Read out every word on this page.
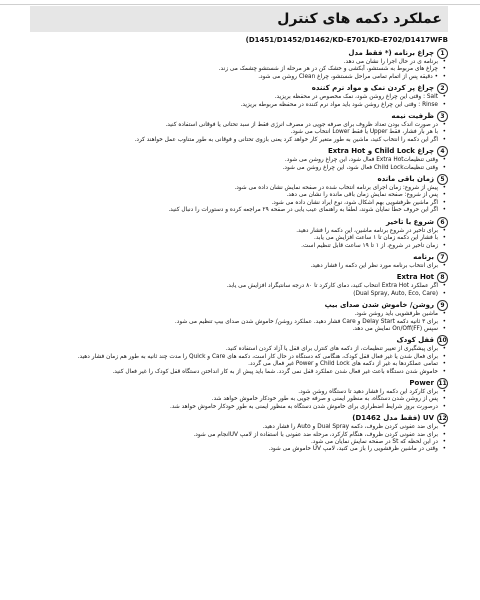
عملکرد دکمه های کنترل
(D1451/D1452/D1462/KD-E701/KD-E702/D1417WFB
1
چراغ برنامه (* فقط مدل
• برنامه ی در حال اجرا را نشان می دهد.
• چراغ های مربوط به شستشو، آبکشی و خشک کن در هر مرحله از شستشو چشمک می زند.
• • دقیقه پس از اتمام تمامی مراحل شستشو، چراغ Clean روشن می شود.
2
چراغ پر کردن نمک و مواد نرم کننده
• Salt : وقتی این چراغ روشن شود، نمک مخصوص در محفظه بریزید.
• Rinse : وقتی این چراغ روشن شود باید مواد نرم کننده در محفظه مربوطه بریزید.
3
ظرفیت نیمه
• در صورت اندک بودن تعداد ظروف برای صرفه جویی در مصرف انرژی فقط از سبد تحتانی یا فوقانی استفاده کنید.
• با هر بار فشار، فقط Upper یا فقط Lower انتخاب می شود.
• اگر این دکمه را انتخاب کنید، ماشین به طور متغیر کار خواهد کرد یعنی بازوی تحتانی و فوقانی به طور متناوب عمل خواهند کرد.
4
چراغ Child Lock و Extra Hot
• وقتی تنظیماتExtra Hot فعال شود، این چراغ روشن می شود.
• وقتی تنظیماتChild Lock فعال شود، این چراغ روشن می شود.
5
زمان باقی مانده
• پیش از شروع: زمان اجرای برنامه انتخاب شده در صفحه نمایش نشان داده می شود.
• پس از شروع: صفحه نمایش زمان باقی مانده را نشان می دهد.
• اگر ماشین ظرفشویی بهم اشکال شود، نوع ایراد نشان داده می شود.
• اگر این حروف خطا نمایان شوند، لطفا به راهنمای عیب یابی در صفحه ۲۹ مراجعه کرده و دستورات را دنبال کنید.
6
شروع با تاخیر
• برای تاخیر در شروع برنامه ماشین، این دکمه را فشار دهید.
• با فشار این دکمه زمان تا ۱ ساعت افزایش می یابد.
• زمان تاخیر در شروع، از ۱ تا ۱۹ ساعت قابل تنظیم است.
7
برنامه
• برای انتخاب برنامه مورد نظر این دکمه را فشار دهید.
8
Extra Hot
• اگر عملکرد Extra Hot انتخاب کنید، دمای کارکرد تا ۸۰ درجه سانتیگراد افزایش می یابد.
• (Dual Spray, Auto, Eco, Care)
9
روشن/ خاموش شدن صدای بیپ
• ماشین ظرفشویی باید روشن شود.
• برای ۳ ثانیه دکمه Delay Start و Care فشار دهید. عملکرد روشن/ خاموش شدن صدای بیپ تنظیم می شود.
• سپس On/Off(FF) نمایش می دهد.
10
قفل کودک
• برای پیشگیری از تغییر تنظیمات، از دکمه های کنترل برای قفل یا آزاد کردن استفاده کنید.
• برای فعال شدن یا غیر فعال قفل کودک، هنگامی که دستگاه در حال کار است، دکمه های Care و Quick را مدت چند ثانیه به طور هم زمان فشار دهید.
• تمامی عملکردها به غیر از دکمه های Child Lock و Power غیر فعال می گردد.
• خاموش شدن دستگاه باعث غیر فعال شدن عملکرد قفل نمی گردد. شما باید پیش از به کار انداختن دستگاه قفل کودک را غیر فعال کنید.
11
Power
• برای کارکرد این دکمه را فشار دهید تا دستگاه روشن شود.
• پس از روشن شدن دستگاه، به منظور ایمنی و صرفه جویی به طور خودکار خاموش خواهد شد.
• درصورت بروز شرایط اضطراری برای خاموش شدن دستگاه به منظور ایمنی به طور خودکار خاموش خواهد شد.
12
UV (فقط مدل D1462)
• برای ضد عفونی کردن ظروف، دکمه Dual Spray و Auto را فشار دهید.
• برای ضد عفونی کردن ظروف، هنگام کارکرد، مرحله ضد عفونی با استفاده از لامپ UVانجام می شود.
• در این لحظه که St در صفحه نمایش نمایان می شود.
• وقتی در ماشین ظرفشویی را باز می کنید، لامپ UV خاموش می شود.
